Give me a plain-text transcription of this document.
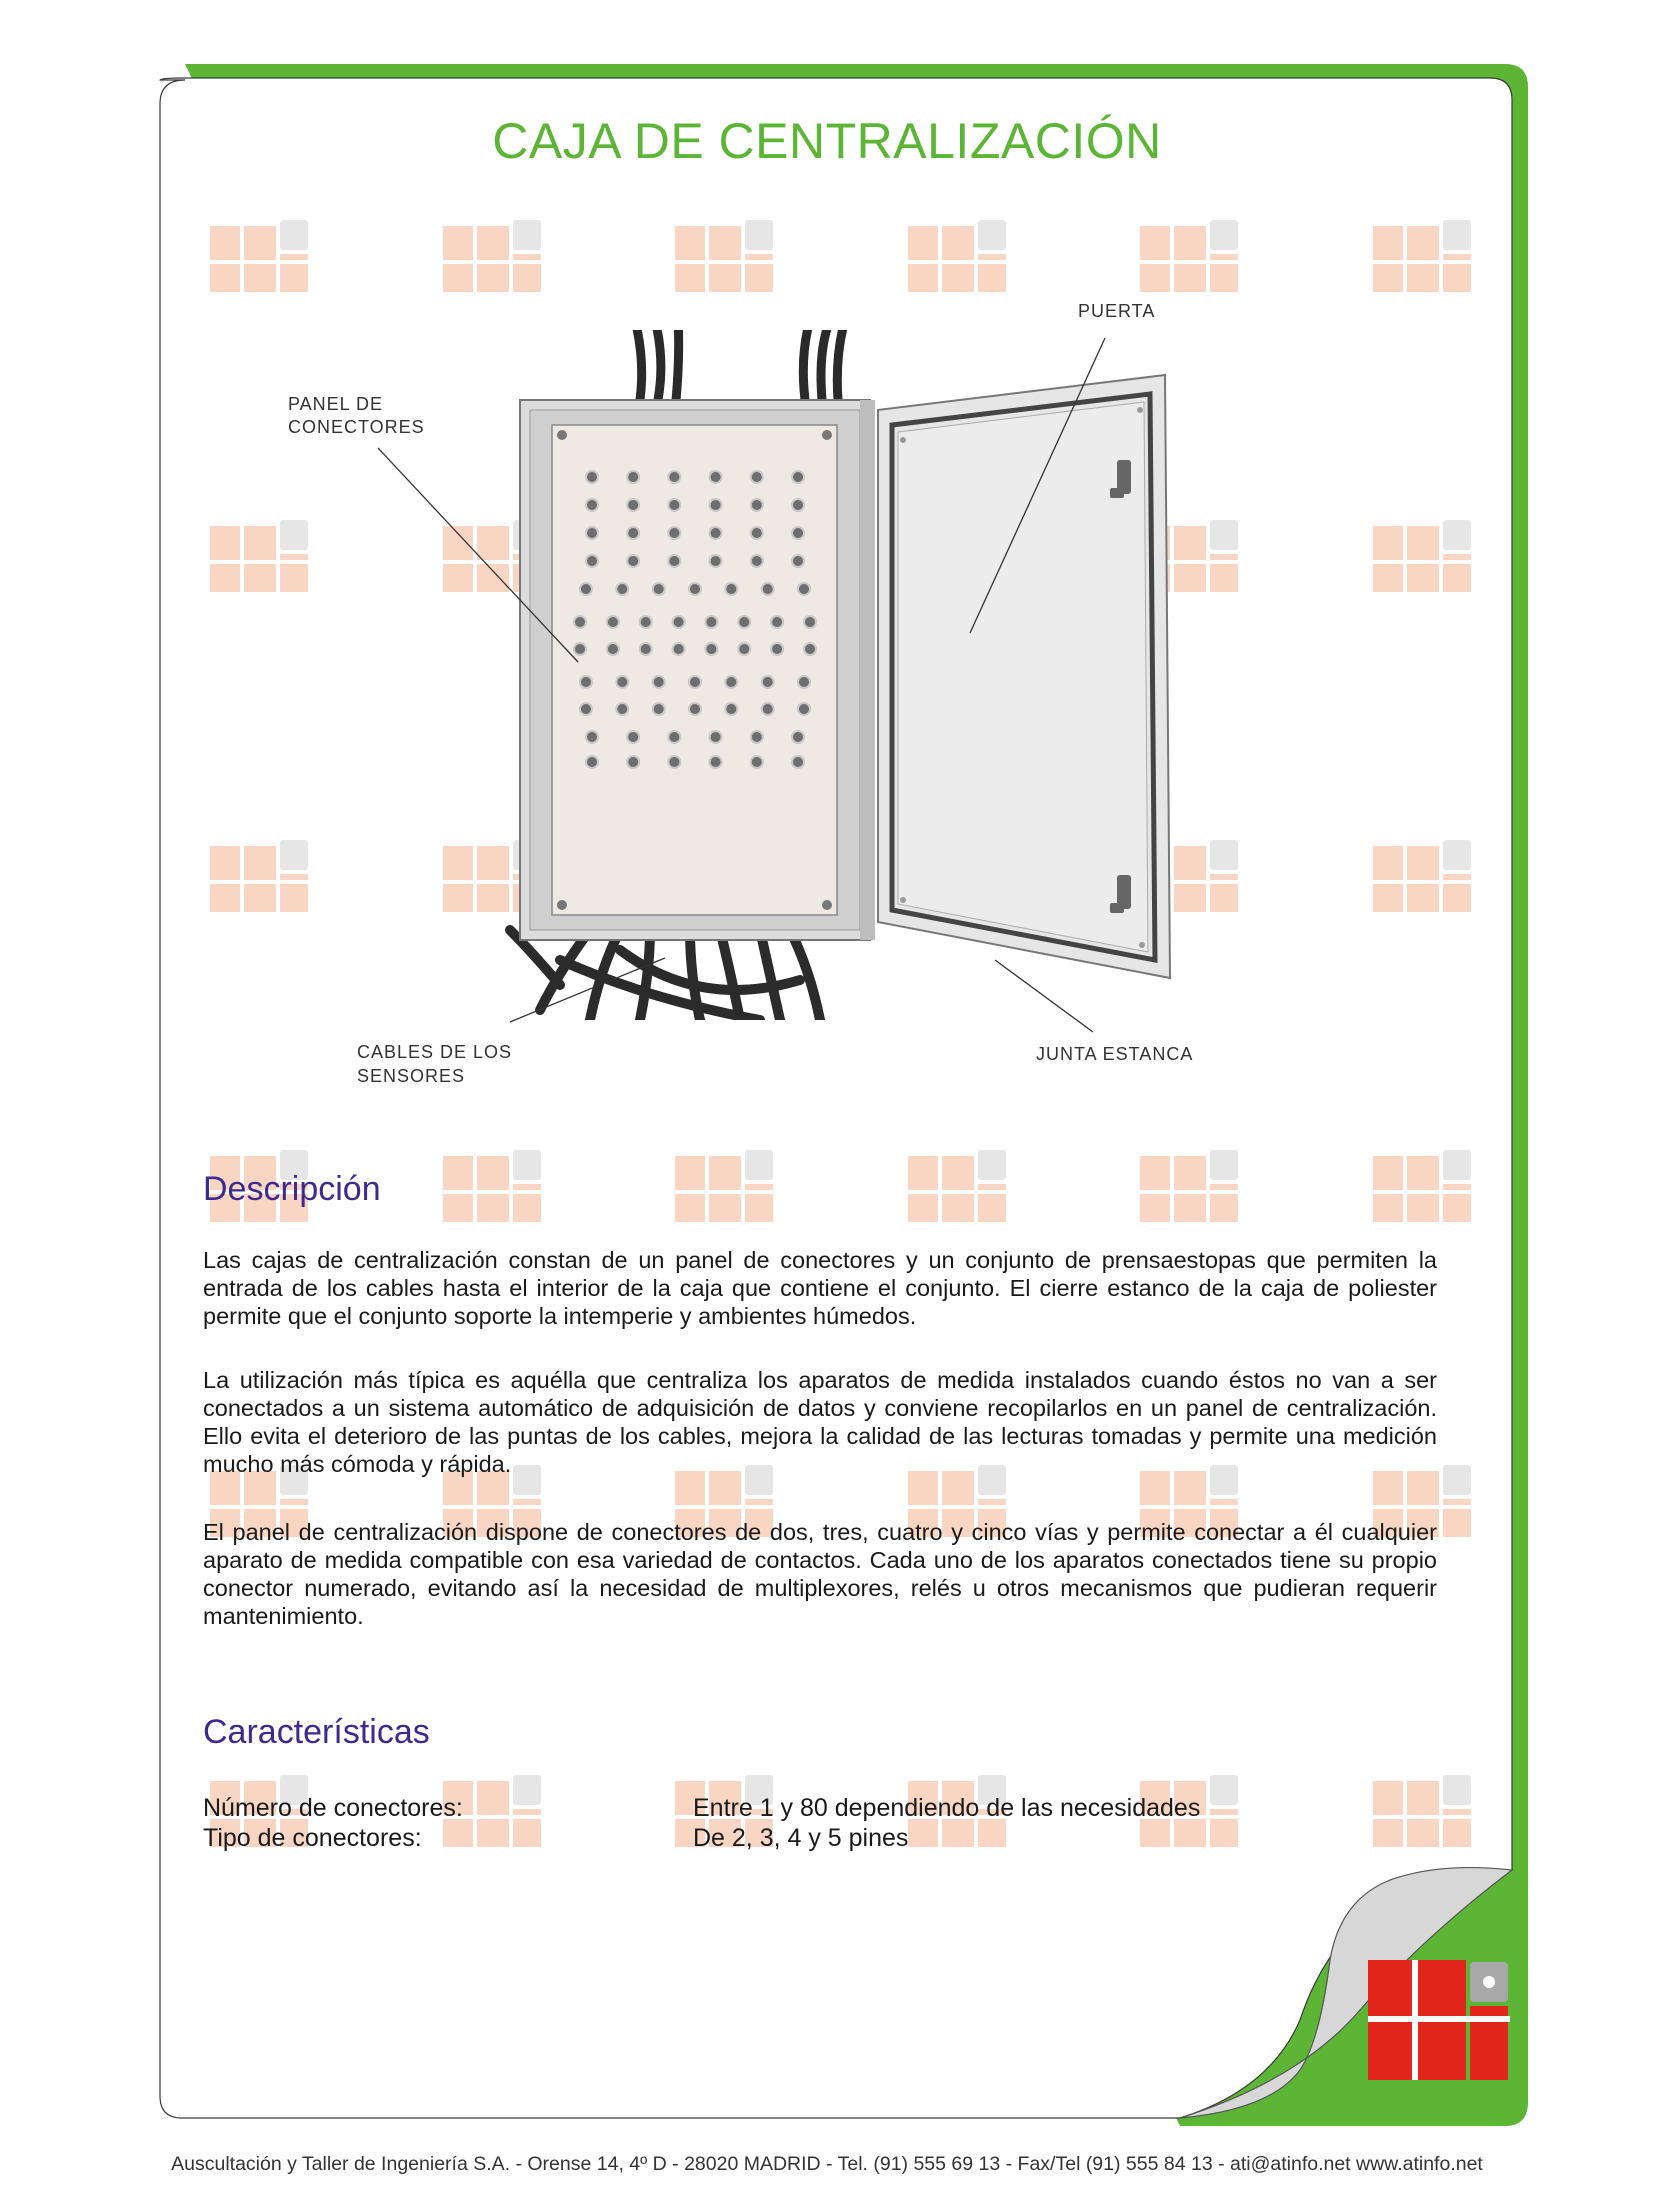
CAJA DE CENTRALIZACIÓN
PUERTA
PANEL DE
CONECTORES
CABLES DE LOS
SENSORES
JUNTA ESTANCA
Descripción
Las cajas de centralización constan de un panel de conectores y un conjunto de prensaestopas que permiten la entrada de los cables hasta el interior de la caja que contiene el conjunto. El cierre estanco de la caja de poliester permite que el conjunto soporte la intemperie y ambientes húmedos.
La utilización más típica es aquélla que centraliza los aparatos de medida instalados cuando éstos no van a ser conectados a un sistema automático de adquisición de datos y conviene recopilarlos en un panel de centralización. Ello evita el deterioro de las puntas de los cables, mejora la calidad de las lecturas tomadas y permite una medición mucho más cómoda y rápida.
El panel de centralización dispone de conectores de dos, tres, cuatro y cinco vías y permite conectar a él cualquier aparato de medida compatible con esa variedad de contactos. Cada uno de los aparatos conectados tiene su propio conector numerado, evitando así la necesidad de multiplexores, relés u otros mecanismos que pudieran requerir mantenimiento.
Características
Número de conectores:	Entre 1 y 80 dependiendo de las necesidades
Tipo de conectores:	De 2, 3, 4 y 5 pines
Auscultación y Taller de Ingeniería S.A. - Orense 14, 4º D - 28020 MADRID - Tel. (91) 555 69 13 - Fax/Tel (91) 555 84 13 - ati@atinfo.net www.atinfo.net
